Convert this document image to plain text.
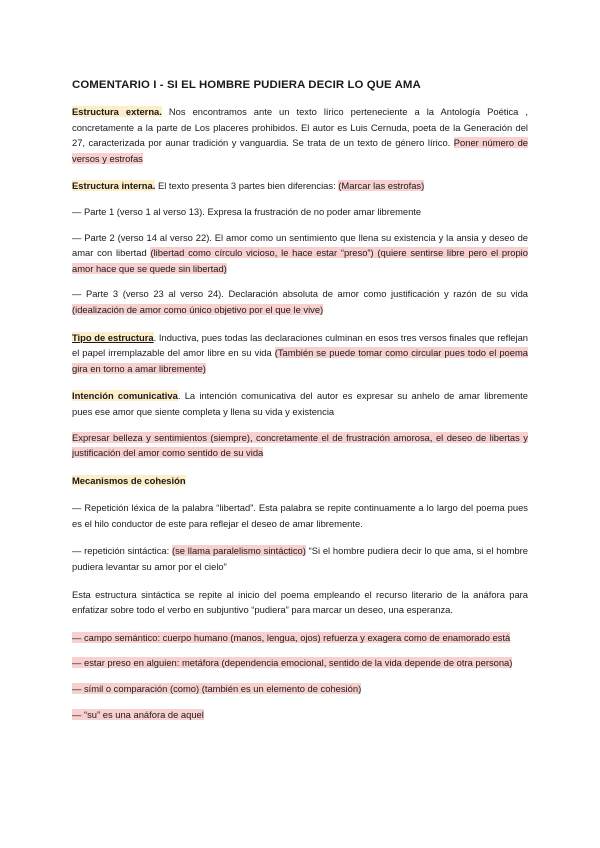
COMENTARIO I - SI EL HOMBRE PUDIERA DECIR LO QUE AMA

Estructura externa. Nos encontramos ante un texto lírico perteneciente a la Antología Poética , concretamente a la parte de Los placeres prohibidos. El autor es Luis Cernuda, poeta de la Generación del 27, caracterizada por aunar tradición y vanguardia. Se trata de un texto de género lírico. Poner número de versos y estrofas

Estructura interna. El texto presenta 3 partes bien diferencias: (Marcar las estrofas)

— Parte 1 (verso 1 al verso 13). Expresa la frustración de no poder amar libremente

— Parte 2 (verso 14 al verso 22). El amor como un sentimiento que llena su existencia y la ansia y deseo de amar con libertad (libertad como círculo vicioso, le hace estar “preso”) (quiere sentirse libre pero el propio amor hace que se quede sin libertad)

— Parte 3 (verso 23 al verso 24). Declaración absoluta de amor como justificación y razón de su vida (idealización de amor como único objetivo por el que le vive)

Tipo de estructura. Inductiva, pues todas las declaraciones culminan en esos tres versos finales que reflejan el papel irremplazable del amor libre en su vida (También se puede tomar como circular pues todo el poema gira en torno a amar libremente)

Intención comunicativa. La intención comunicativa del autor es expresar su anhelo de amar libremente pues ese amor que siente completa y llena su vida y existencia

Expresar belleza y sentimientos (siempre), concretamente el de frustración amorosa, el deseo de libertas y justificación del amor como sentido de su vida

Mecanismos de cohesión

— Repetición léxica de la palabra “libertad”. Esta palabra se repite continuamente a lo largo del poema pues es el hilo conductor de este para reflejar el deseo de amar libremente.

— repetición sintáctica: (se llama paralelismo sintáctico) “Si el hombre pudiera decir lo que ama, si el hombre pudiera levantar su amor por el cielo”

Esta estructura sintáctica se repite al inicio del poema empleando el recurso literario de la anáfora para enfatizar sobre todo el verbo en subjuntivo “pudiera” para marcar un deseo, una esperanza.

— campo semántico: cuerpo humano (manos, lengua, ojos) refuerza y exagera como de enamorado está

— estar preso en alguien: metáfora (dependencia emocional, sentido de la vida depende de otra persona)

— símil o comparación (como) (también es un elemento de cohesión)

— “su” es una anáfora de aquel
